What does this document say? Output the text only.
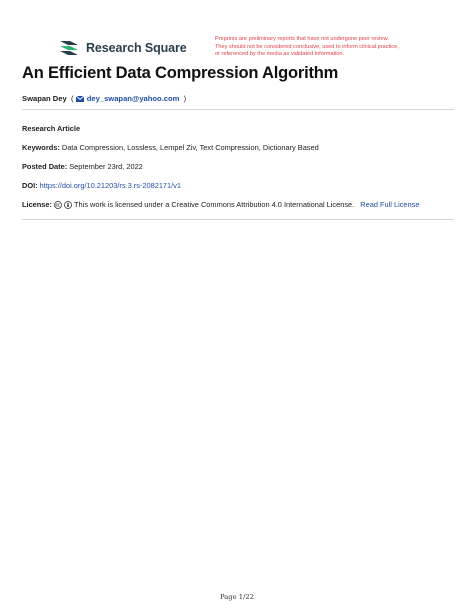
Research Square
Preprints are preliminary reports that have not undergone peer review.
They should not be considered conclusive, used to inform clinical practice,
or referenced by the media as validated information.
An Efficient Data Compression Algorithm
Swapan Dey  ( dey_swapan@yahoo.com  )
Research Article
Keywords: Data Compression, Lossless, Lempel Ziv, Text Compression, Dictionary Based
Posted Date: September 23rd, 2022
DOI: https://doi.org/10.21203/rs.3.rs-2082171/v1
License:	This work is licensed under a Creative Commons Attribution 4.0 International License. Read Full License
Page 1/22
